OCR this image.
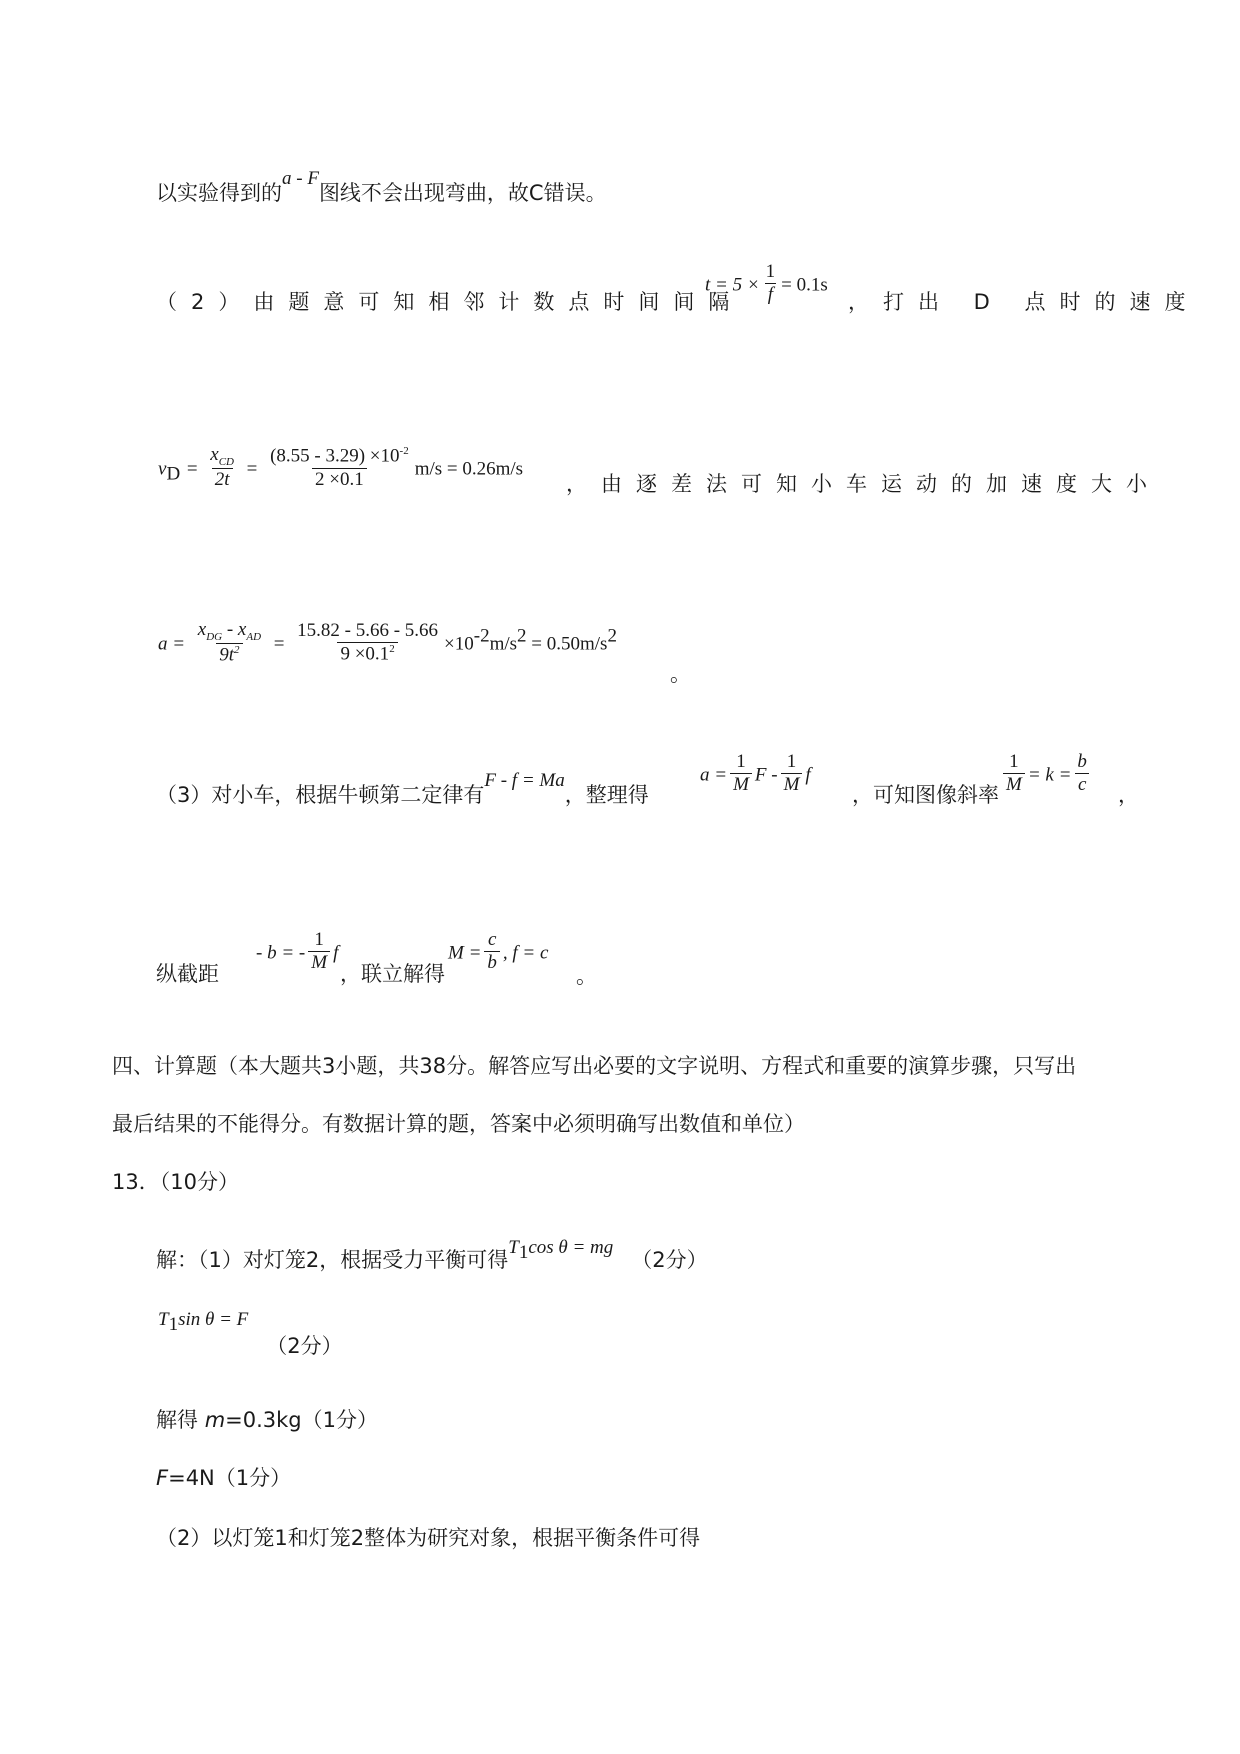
以实验得到的a - F图线不会出现弯曲，故C错误。
（2）由题意可知相邻计数点时间间隔
$t = 5 \times \frac{1}{f} = 0.1s$
，打出 D 点时的速度
$v_D = \frac{x_{CD}}{2t} = \frac{(8.55 - 3.29) \times 10^{-2}}{2 \times 0.1} m/s = 0.26m/s$
，由逐差法可知小车运动的加速度大小
$a = \frac{x_{DG} - x_{AD}}{9t^2} = \frac{15.82 - 5.66 - 5.66}{9 \times 0.1^2} \times 10^{-2}m/s^2 = 0.50m/s^2$
。
（3）对小车，根据牛顿第二定律有F - f = Ma，整理得
$a = \frac{1}{M}$ F - $\frac{1}{M}$ f
，可知图像斜率 $\frac{1}{M} = k = \frac{b}{c}$ ，
纵截距
- b = - $\frac{1}{M}$ f
，联立解得
$M = \frac{c}{b}$ , f = c
。
四、计算题（本大题共3小题，共38分。解答应写出必要的文字说明、方程式和重要的演算步骤，只写出
最后结果的不能得分。有数据计算的题，答案中必须明确写出数值和单位）
13．（10分）
解：（1）对灯笼2，根据受力平衡可得$T_1\cos$ θ = mg（2分）
$T_1\sin$ θ = F（2分）
解得 m=0.3kg（1分）
F=4N（1分）
（2）以灯笼1和灯笼2整体为研究对象，根据平衡条件可得
